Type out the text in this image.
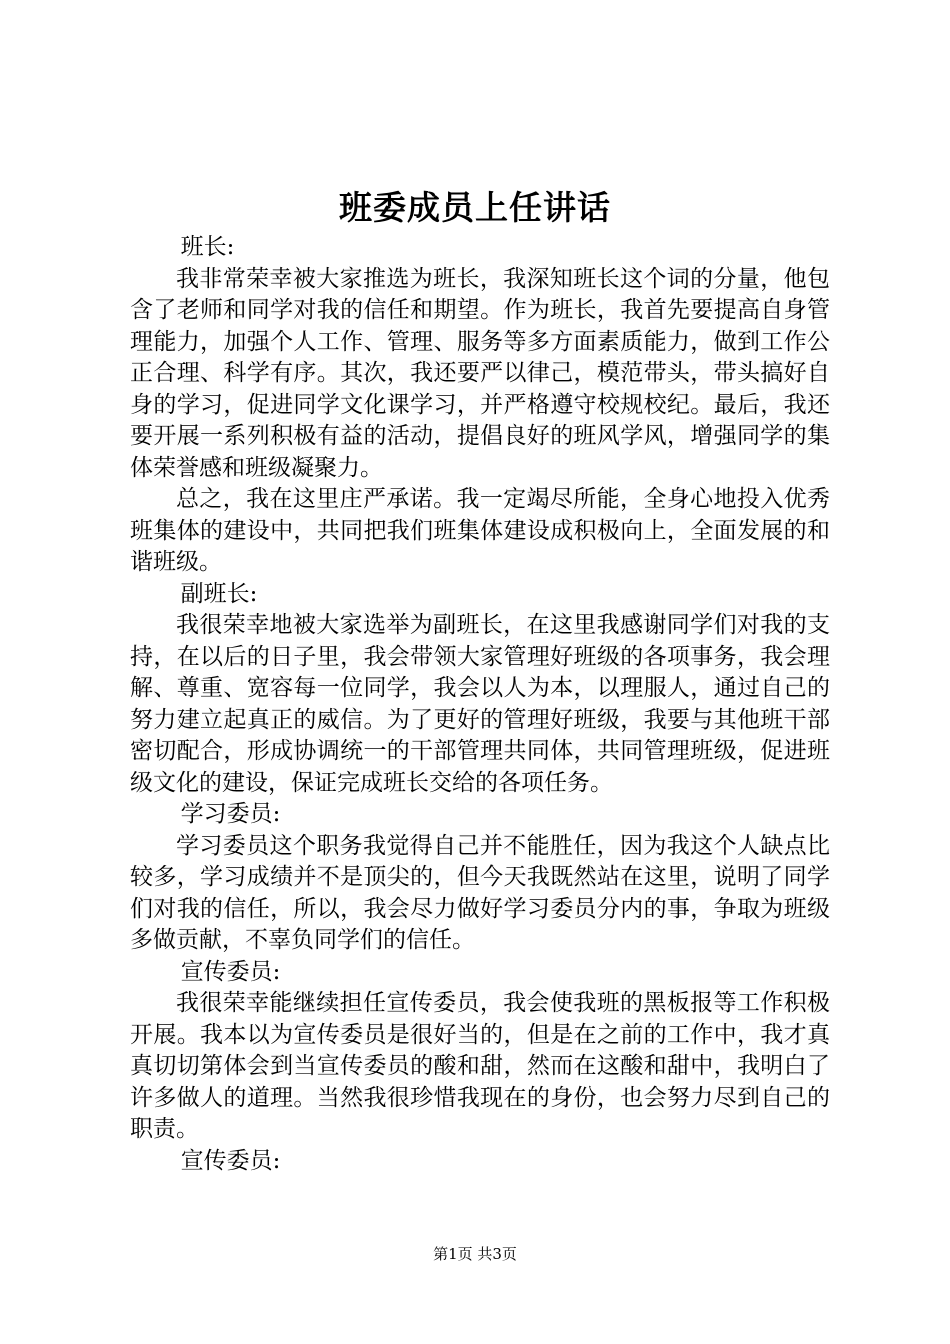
班委成员上任讲话

班长:

我非常荣幸被大家推选为班长，我深知班长这个词的分量，他包含了老师和同学对我的信任和期望。作为班长，我首先要提高自身管理能力，加强个人工作、管理、服务等多方面素质能力，做到工作公正合理、科学有序。其次，我还要严以律己，模范带头，带头搞好自身的学习，促进同学文化课学习，并严格遵守校规校纪。最后，我还要开展一系列积极有益的活动，提倡良好的班风学风，增强同学的集体荣誉感和班级凝聚力。

总之，我在这里庄严承诺。我一定竭尽所能，全身心地投入优秀班集体的建设中，共同把我们班集体建设成积极向上，全面发展的和谐班级。

副班长:

我很荣幸地被大家选举为副班长，在这里我感谢同学们对我的支持，在以后的日子里，我会带领大家管理好班级的各项事务，我会理解、尊重、宽容每一位同学，我会以人为本，以理服人，通过自己的努力建立起真正的威信。为了更好的管理好班级，我要与其他班干部密切配合，形成协调统一的干部管理共同体，共同管理班级，促进班级文化的建设，保证完成班长交给的各项任务。

学习委员:

学习委员这个职务我觉得自己并不能胜任，因为我这个人缺点比较多，学习成绩并不是顶尖的，但今天我既然站在这里，说明了同学们对我的信任，所以，我会尽力做好学习委员分内的事，争取为班级多做贡献，不辜负同学们的信任。

宣传委员:

我很荣幸能继续担任宣传委员，我会使我班的黑板报等工作积极开展。我本以为宣传委员是很好当的，但是在之前的工作中，我才真真切切第体会到当宣传委员的酸和甜，然而在这酸和甜中，我明白了许多做人的道理。当然我很珍惜我现在的身份，也会努力尽到自己的职责。

宣传委员:

第1页 共3页
